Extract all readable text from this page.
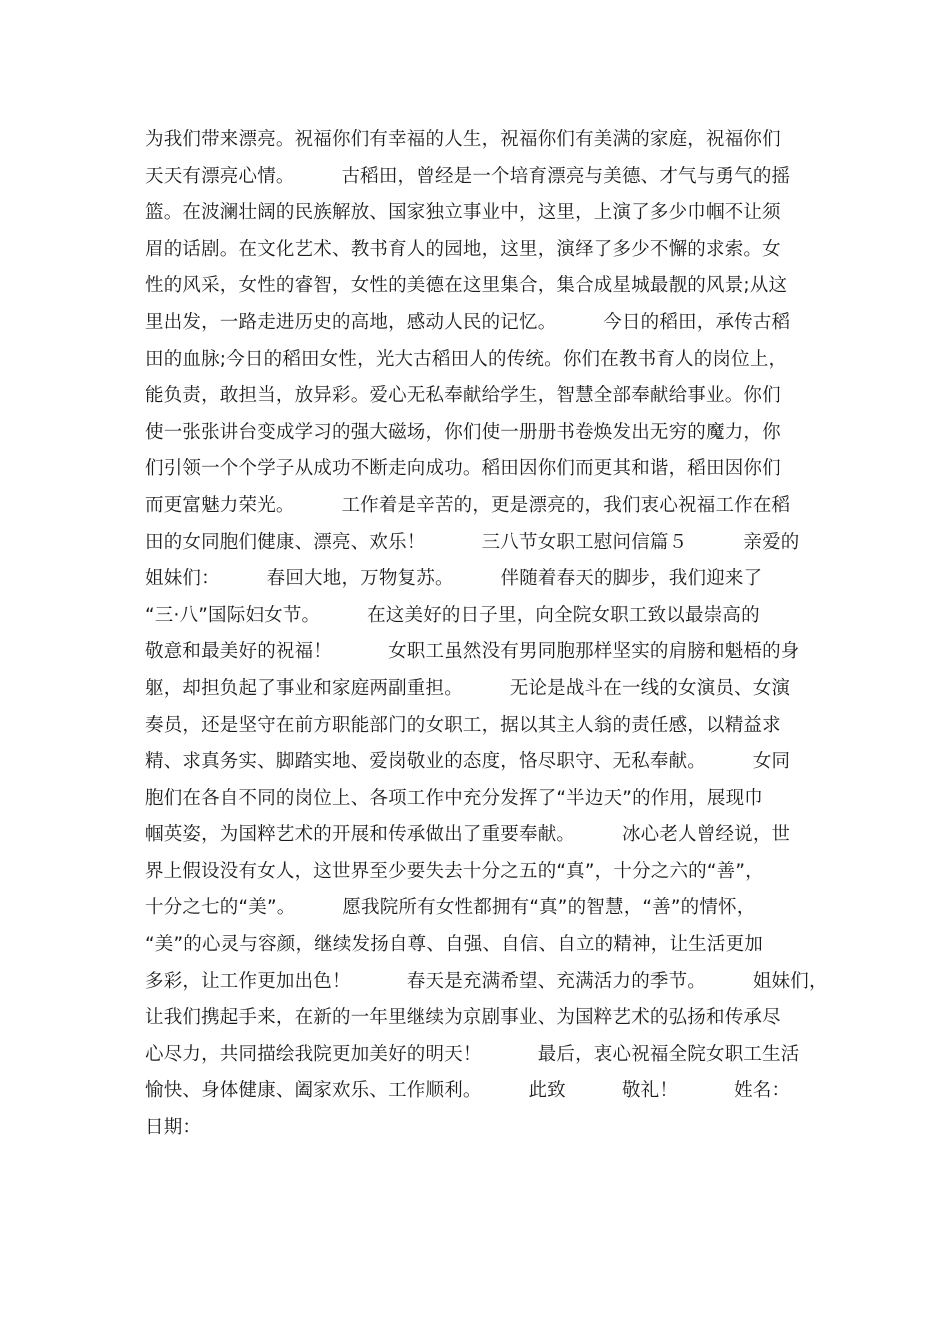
为我们带来漂亮。祝福你们有幸福的人生，祝福你们有美满的家庭，祝福你们
天天有漂亮心情。　　　古稻田，曾经是一个培育漂亮与美德、才气与勇气的摇
篮。在波澜壮阔的民族解放、国家独立事业中，这里，上演了多少巾帼不让须
眉的话剧。在文化艺术、教书育人的园地，这里，演绎了多少不懈的求索。女
性的风采，女性的睿智，女性的美德在这里集合，集合成星城最靓的风景;从这
里出发，一路走进历史的高地，感动人民的记忆。　　　今日的稻田，承传古稻
田的血脉;今日的稻田女性，光大古稻田人的传统。你们在教书育人的岗位上，
能负责，敢担当，放异彩。爱心无私奉献给学生，智慧全部奉献给事业。你们
使一张张讲台变成学习的强大磁场，你们使一册册书卷焕发出无穷的魔力，你
们引领一个个学子从成功不断走向成功。稻田因你们而更其和谐，稻田因你们
而更富魅力荣光。　　　工作着是辛苦的，更是漂亮的，我们衷心祝福工作在稻
田的女同胞们健康、漂亮、欢乐！　　　三八节女职工慰问信篇５　　　亲爱的
姐妹们：　　　春回大地，万物复苏。　　　伴随着春天的脚步，我们迎来了
“三·八”国际妇女节。　　　在这美好的日子里，向全院女职工致以最崇高的
敬意和最美好的祝福！　　　女职工虽然没有男同胞那样坚实的肩膀和魁梧的身
躯，却担负起了事业和家庭两副重担。　　　无论是战斗在一线的女演员、女演
奏员，还是坚守在前方职能部门的女职工，据以其主人翁的责任感，以精益求
精、求真务实、脚踏实地、爱岗敬业的态度，恪尽职守、无私奉献。　　　女同
胞们在各自不同的岗位上、各项工作中充分发挥了“半边天”的作用，展现巾
帼英姿，为国粹艺术的开展和传承做出了重要奉献。　　　冰心老人曾经说，世
界上假设没有女人，这世界至少要失去十分之五的“真”，十分之六的“善”，
十分之七的“美”。　　　愿我院所有女性都拥有“真”的智慧，“善”的情怀，
“美”的心灵与容颜，继续发扬自尊、自强、自信、自立的精神，让生活更加
多彩，让工作更加出色！　　　春天是充满希望、充满活力的季节。　　　姐妹们，
让我们携起手来，在新的一年里继续为京剧事业、为国粹艺术的弘扬和传承尽
心尽力，共同描绘我院更加美好的明天！　　　最后，衷心祝福全院女职工生活
愉快、身体健康、阖家欢乐、工作顺利。　　　此致　　　敬礼！　　　姓名：
日期：
